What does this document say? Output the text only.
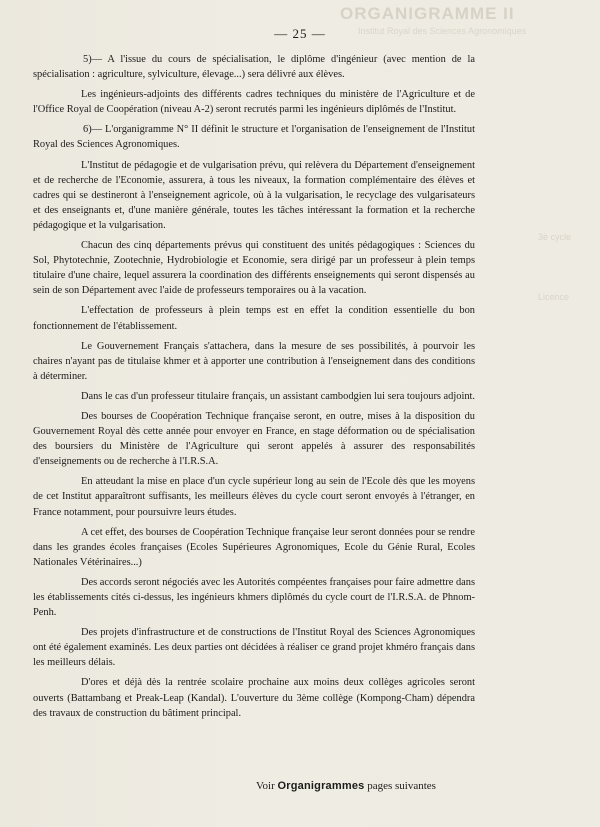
ORGANIGRAMME II
Institut Royal des Sciences Agronomiques
3è cycle
Licence
— 25 —

5)— A l'issue du cours de spécialisation, le diplôme d'ingénieur (avec mention de la spécialisation : agriculture, sylviculture, élevage...) sera délivré aux élèves.

Les ingénieurs-adjoints des différents cadres techniques du ministère de l'Agriculture et de l'Office Royal de Coopération (niveau A-2) seront recrutés parmi les ingénieurs diplômés de l'Institut.

6)— L'organigramme N° II définit le structure et l'organisation de l'enseignement de l'Institut Royal des Sciences Agronomiques.

L'Institut de pédagogie et de vulgarisation prévu, qui relèvera du Département d'enseignement et de recherche de l'Economie, assurera, à tous les niveaux, la formation complémentaire des élèves et cadres qui se destineront à l'enseignement agricole, où à la vulgarisation, le recyclage des vulgarisateurs et des enseignants et, d'une manière générale, toutes les tâches intéressant la formation et la recherche pédagogique et la vulgarisation.

Chacun des cinq départements prévus qui constituent des unités pédagogiques : Sciences du Sol, Phytotechnie, Zootechnie, Hydrobiologie et Economie, sera dirigé par un professeur à plein temps titulaire d'une chaire, lequel assurera la coordination des différents enseignements qui seront dispensés au sein de son Département avec l'aide de professeurs temporaires ou à la vacation.

L'effectation de professeurs à plein temps est en effet la condition essentielle du bon fonctionnement de l'établissement.

Le Gouvernement Français s'attachera, dans la mesure de ses possibilités, à pourvoir les chaires n'ayant pas de titulaise khmer et à apporter une contribution à l'enseignement dans des conditions à déterminer.

Dans le cas d'un professeur titulaire français, un assistant cambodgien lui sera toujours adjoint.

Des bourses de Coopération Technique française seront, en outre, mises à la disposition du Gouvernement Royal dès cette année pour envoyer en France, en stage déformation ou de spécialisation des boursiers du Ministère de l'Agriculture qui seront appelés à assurer des responsabilités d'enseignements ou de recherche à l'I.R.S.A.

En atteudant la mise en place d'un cycle supérieur long au sein de l'Ecole dès que les moyens de cet Institut apparaîtront suffisants, les meilleurs élèves du cycle court seront envoyés à l'étranger, en France notamment, pour poursuivre leurs études.

A cet effet, des bourses de Coopération Technique française leur seront données pour se rendre dans les grandes écoles françaises (Ecoles Supérieures Agronomiques, Ecole du Génie Rural, Ecoles Nationales Vétérinaires...)

Des accords seront négociés avec les Autorités compéentes françaises pour faire admettre dans les établissements cités ci-dessus, les ingénieurs khmers diplômés du cycle court de l'I.R.S.A. de Phnom-Penh.

Des projets d'infrastructure et de constructions de l'Institut Royal des Sciences Agronomiques ont été également examinés. Les deux parties ont décidées à réaliser ce grand projet khméro français dans les meilleurs délais.

D'ores et déjà dès la rentrée scolaire prochaine aux moins deux collèges agricoles seront ouverts (Battambang et Preak-Leap (Kandal). L'ouverture du 3ème collège (Kompong-Cham) dépendra des travaux de construction du bâtiment principal.

Voir Organigrammes pages suivantes
